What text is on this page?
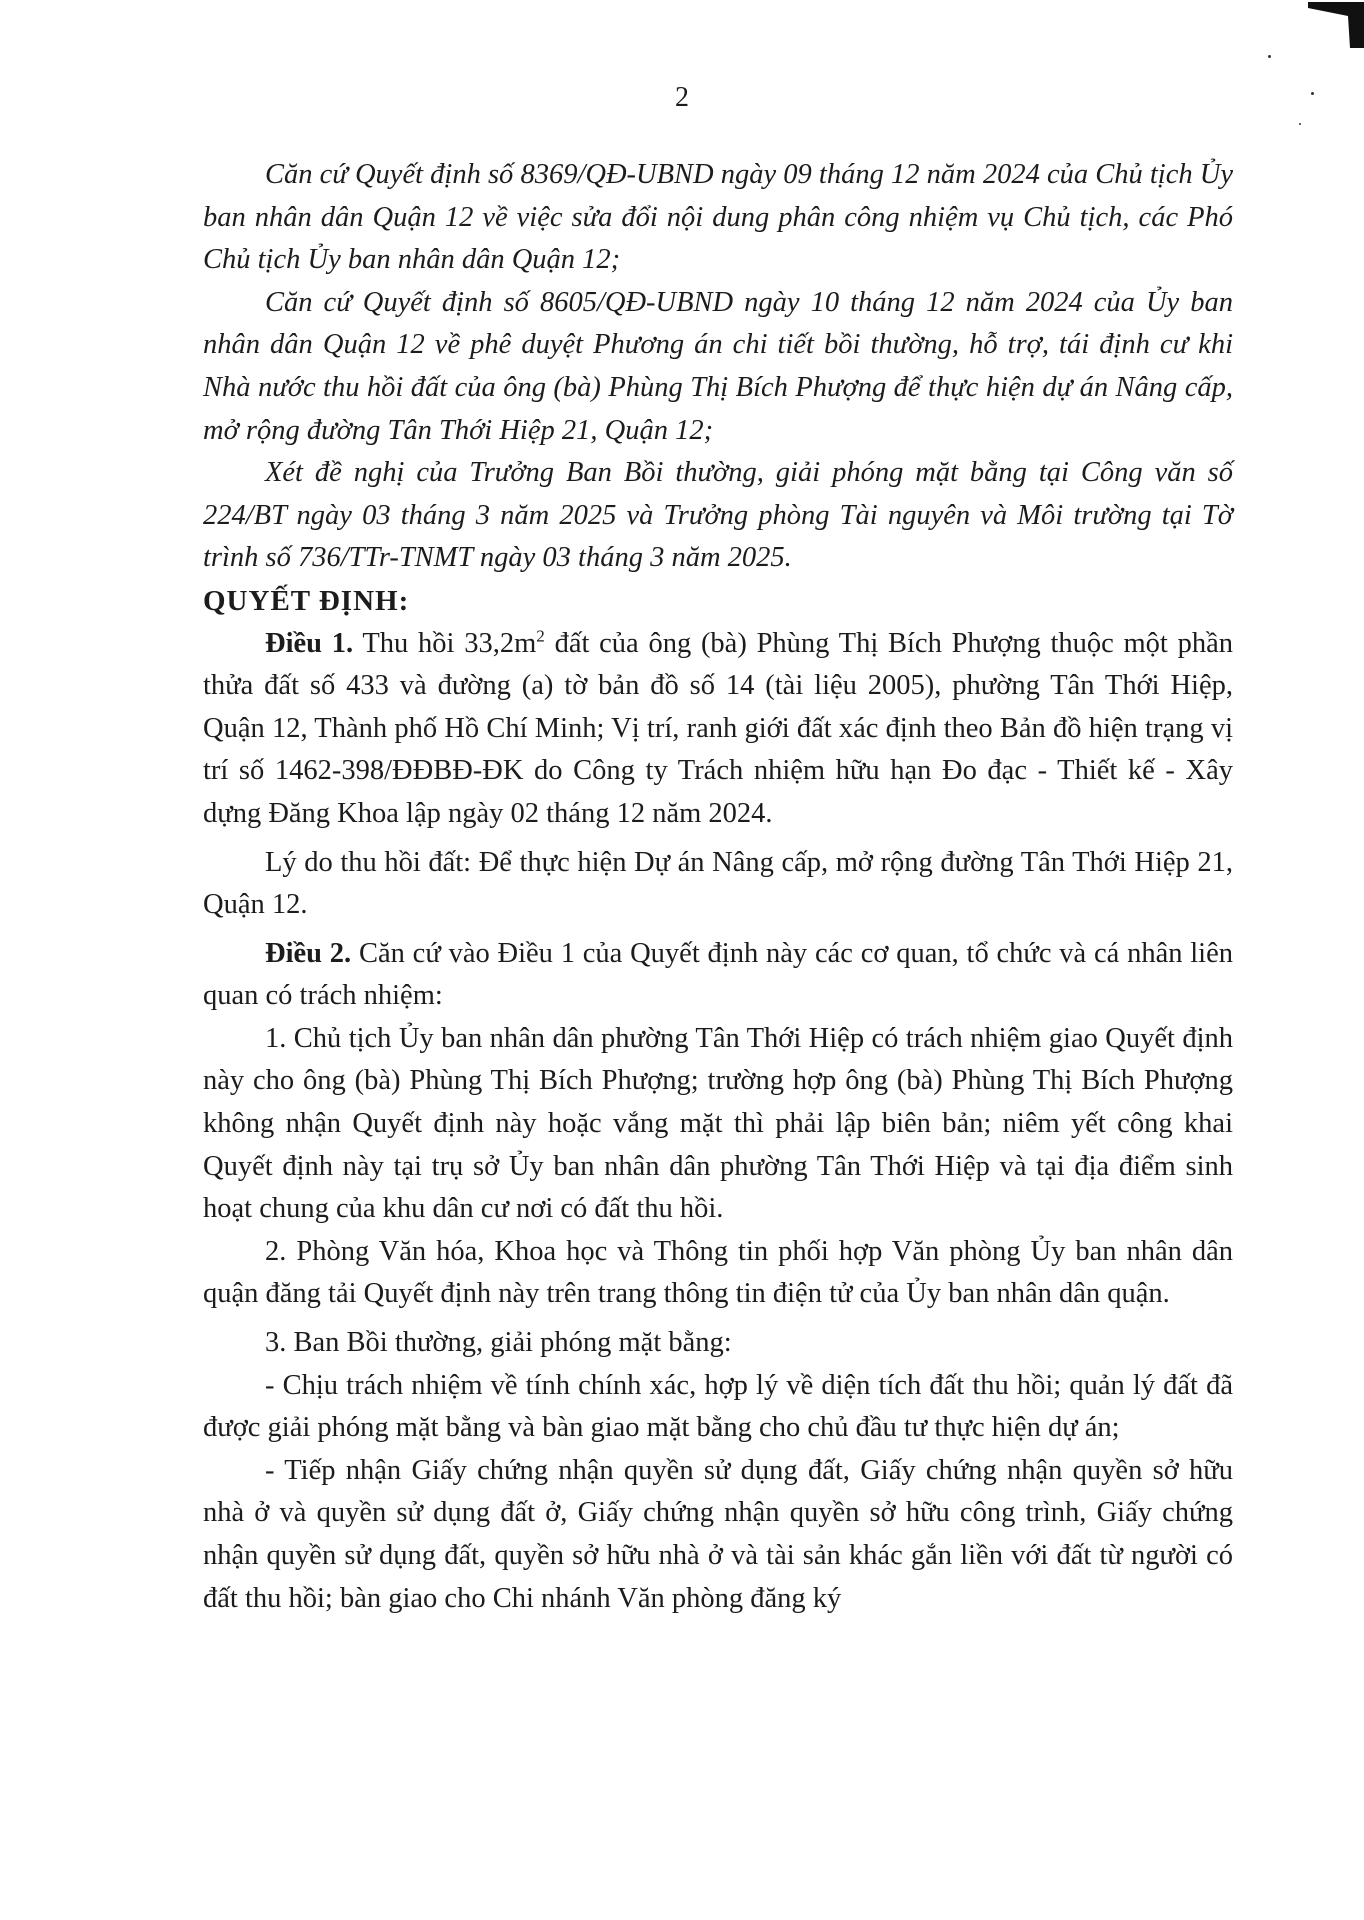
2

Căn cứ Quyết định số 8369/QĐ-UBND ngày 09 tháng 12 năm 2024 của Chủ tịch Ủy ban nhân dân Quận 12 về việc sửa đổi nội dung phân công nhiệm vụ Chủ tịch, các Phó Chủ tịch Ủy ban nhân dân Quận 12;

Căn cứ Quyết định số 8605/QĐ-UBND ngày 10 tháng 12 năm 2024 của Ủy ban nhân dân Quận 12 về phê duyệt Phương án chi tiết bồi thường, hỗ trợ, tái định cư khi Nhà nước thu hồi đất của ông (bà) Phùng Thị Bích Phượng để thực hiện dự án Nâng cấp, mở rộng đường Tân Thới Hiệp 21, Quận 12;

Xét đề nghị của Trưởng Ban Bồi thường, giải phóng mặt bằng tại Công văn số 224/BT ngày 03 tháng 3 năm 2025 và Trưởng phòng Tài nguyên và Môi trường tại Tờ trình số 736/TTr-TNMT ngày 03 tháng 3 năm 2025.

QUYẾT ĐỊNH:

Điều 1. Thu hồi $33,2m^2$ đất của ông (bà) Phùng Thị Bích Phượng thuộc một phần thửa đất số 433 và đường (a) tờ bản đồ số 14 (tài liệu 2005), phường Tân Thới Hiệp, Quận 12, Thành phố Hồ Chí Minh; Vị trí, ranh giới đất xác định theo Bản đồ hiện trạng vị trí số 1462-398/ĐĐBĐ-ĐK do Công ty Trách nhiệm hữu hạn Đo đạc - Thiết kế - Xây dựng Đăng Khoa lập ngày 02 tháng 12 năm 2024.

Lý do thu hồi đất: Để thực hiện Dự án Nâng cấp, mở rộng đường Tân Thới Hiệp 21, Quận 12.

Điều 2. Căn cứ vào Điều 1 của Quyết định này các cơ quan, tổ chức và cá nhân liên quan có trách nhiệm:

1. Chủ tịch Ủy ban nhân dân phường Tân Thới Hiệp có trách nhiệm giao Quyết định này cho ông (bà) Phùng Thị Bích Phượng; trường hợp ông (bà) Phùng Thị Bích Phượng không nhận Quyết định này hoặc vắng mặt thì phải lập biên bản; niêm yết công khai Quyết định này tại trụ sở Ủy ban nhân dân phường Tân Thới Hiệp và tại địa điểm sinh hoạt chung của khu dân cư nơi có đất thu hồi.

2. Phòng Văn hóa, Khoa học và Thông tin phối hợp Văn phòng Ủy ban nhân dân quận đăng tải Quyết định này trên trang thông tin điện tử của Ủy ban nhân dân quận.

3. Ban Bồi thường, giải phóng mặt bằng:

- Chịu trách nhiệm về tính chính xác, hợp lý về diện tích đất thu hồi; quản lý đất đã được giải phóng mặt bằng và bàn giao mặt bằng cho chủ đầu tư thực hiện dự án;

- Tiếp nhận Giấy chứng nhận quyền sử dụng đất, Giấy chứng nhận quyền sở hữu nhà ở và quyền sử dụng đất ở, Giấy chứng nhận quyền sở hữu công trình, Giấy chứng nhận quyền sử dụng đất, quyền sở hữu nhà ở và tài sản khác gắn liền với đất từ người có đất thu hồi; bàn giao cho Chi nhánh Văn phòng đăng ký
